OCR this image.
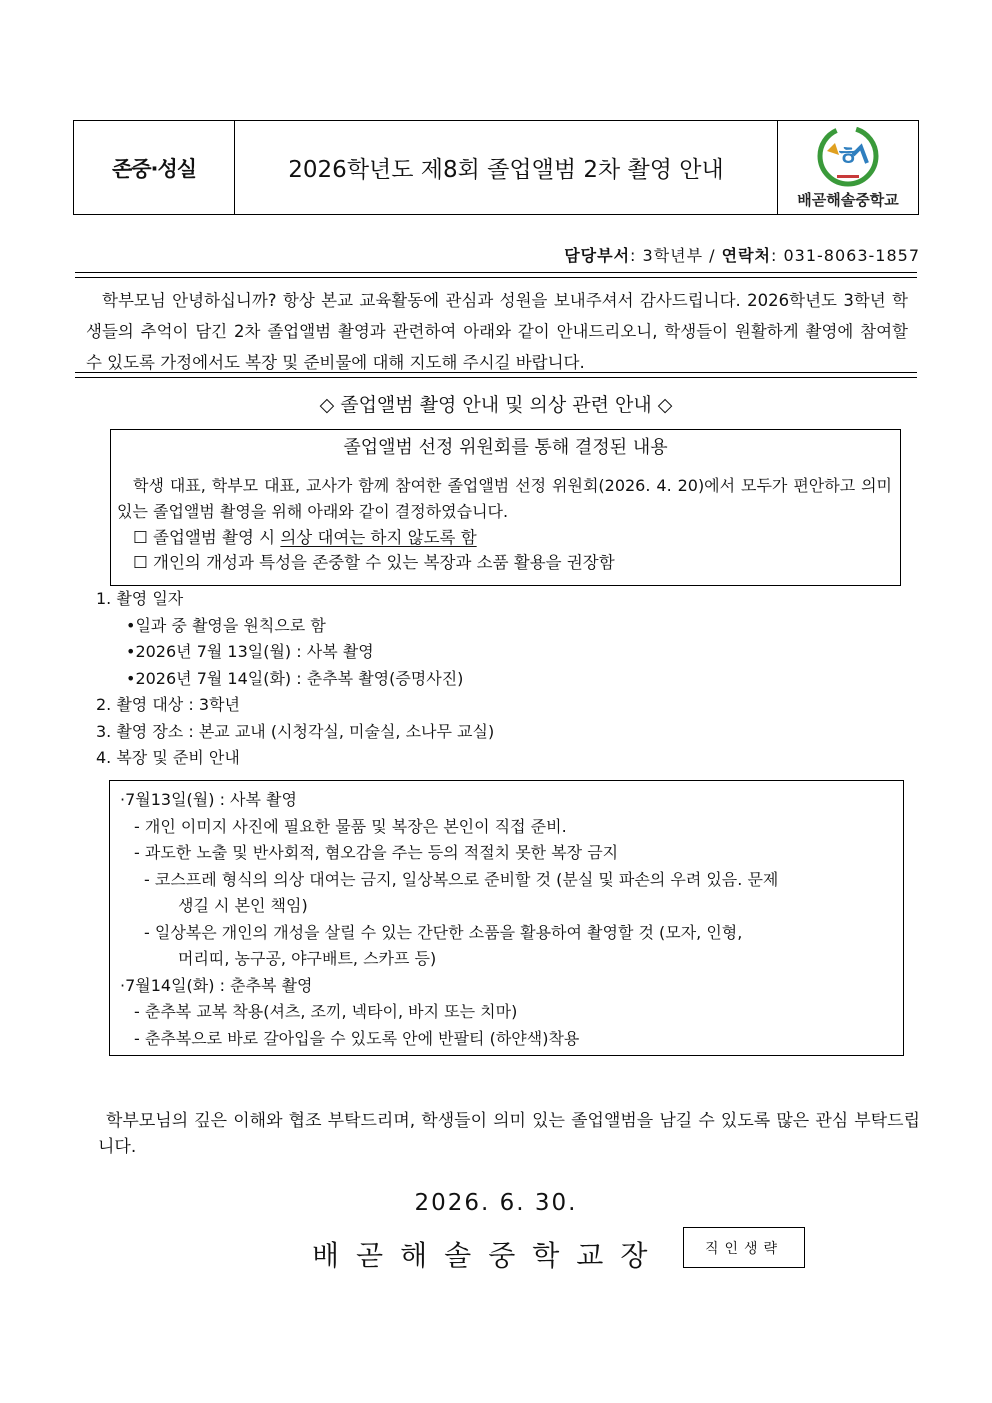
존중·성실	2026학년도 제8회 졸업앨범 2차 촬영 안내	ㅎ
배곧해솔중학교
담당부서: 3학년부 / 연락처: 031-8063-1857
학부모님 안녕하십니까? 항상 본교 교육활동에 관심과 성원을 보내주셔서 감사드립니다. 2026학년도 3학년 학생들의 추억이 담긴 2차 졸업앨범 촬영과 관련하여 아래와 같이 안내드리오니, 학생들이 원활하게 촬영에 참여할 수 있도록 가정에서도 복장 및 준비물에 대해 지도해 주시길 바랍니다.
◇ 졸업앨범 촬영 안내 및 의상 관련 안내 ◇
졸업앨범 선정 위원회를 통해 결정된 내용
학생 대표, 학부모 대표, 교사가 함께 참여한 졸업앨범 선정 위원회(2026. 4. 20)에서 모두가 편안하고 의미 있는 졸업앨범 촬영을 위해 아래와 같이 결정하였습니다.
☐ 졸업앨범 촬영 시 의상 대여는 하지 않도록 함
☐ 개인의 개성과 특성을 존중할 수 있는 복장과 소품 활용을 권장함
1. 촬영 일자
•일과 중 촬영을 원칙으로 함
•2026년 7월 13일(월) : 사복 촬영
•2026년 7월 14일(화) : 춘추복 촬영(증명사진)
2. 촬영 대상 : 3학년
3. 촬영 장소 : 본교 교내 (시청각실, 미술실, 소나무 교실)
4. 복장 및 준비 안내
·7월13일(월) : 사복 촬영
- 개인 이미지 사진에 필요한 물품 및 복장은 본인이 직접 준비.
- 과도한 노출 및 반사회적, 혐오감을 주는 등의 적절치 못한 복장 금지
- 코스프레 형식의 의상 대여는 금지, 일상복으로 준비할 것 (분실 및 파손의 우려 있음. 문제
생길 시 본인 책임)
- 일상복은 개인의 개성을 살릴 수 있는 간단한 소품을 활용하여 촬영할 것 (모자, 인형,
머리띠, 농구공, 야구배트, 스카프 등)
·7월14일(화) : 춘추복 촬영
- 춘추복 교복 착용(셔츠, 조끼, 넥타이, 바지 또는 치마)
- 춘추복으로 바로 갈아입을 수 있도록 안에 반팔티 (하얀색)착용
학부모님의 깊은 이해와 협조 부탁드리며, 학생들이 의미 있는 졸업앨범을 남길 수 있도록 많은 관심 부탁드립니다.
2026. 6. 30.
배곧해솔중학교장	직인생략
